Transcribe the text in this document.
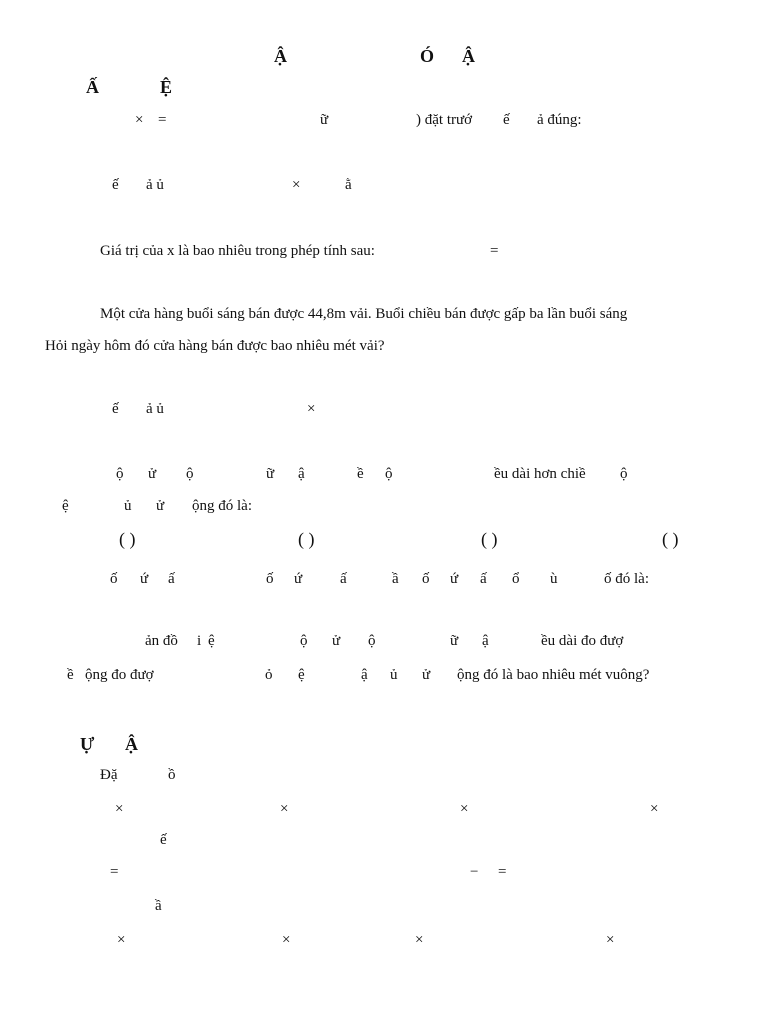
Ậ	Ó Ậ
Ấ	Ệ
× =	ữ	) đặt trướ ế ả đúng:
ế ả ủ	×	ằ
Giá trị của x là bao nhiêu trong phép tính sau:	=
Một cửa hàng buổi sáng bán được 44,8m vải. Buổi chiều bán được gấp ba lần buổi sáng
Hỏi ngày hôm đó cửa hàng bán được bao nhiêu mét vải?
ế ả ủ	×
ộ ử ộ	ữ ậ	ề ộ	ều dài hơn chiề ộ
ệ	ủ ử ộng đó là:
( )	( )	( )	( )
ố ứ ấ	ố ứ	ấ	ầ ố ứ ấ ổ ù	ố đó là:
ản đồ i ệ	ộ ử ộ	ữ ậ	ều dài đo đượ
ề ộng đo đượ	ỏ ệ	ậ ủ ử ộng đó là bao nhiêu mét vuông?
Ự Ậ
Đặ	ồ
×	×	×	×
ế
=	− =
ầ
×	×	×	×
